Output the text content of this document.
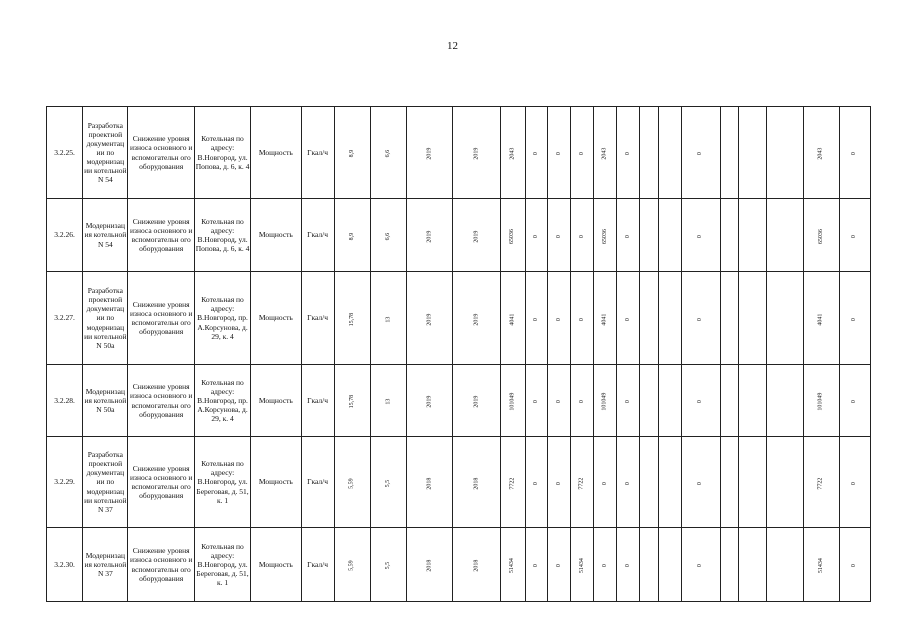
12
3.2.25.	Разработка проектной документац ии по модернизац ии котельной N 54	Снижение уровня износа основного и вспомогательн ого оборудования	Котельная по адресу: В.Новгород, ул. Попова, д. 6, к. 4	Мощность	Гкал/ч	8,9	6,6	2019	2019	2043	0	0	0	2043	0			0				2043	0
3.2.26.	Модернизац ия котельной N 54	Снижение уровня износа основного и вспомогательн ого оборудования	Котельная по адресу: В.Новгород, ул. Попова, д. 6, к. 4	Мощность	Гкал/ч	8,9	6,6	2019	2019	65036	0	0	0	65036	0			0				65036	0
3.2.27.	Разработка проектной документац ии по модернизац ии котельной N 50а	Снижение уровня износа основного и вспомогательн ого оборудования	Котельная по адресу: В.Новгород, пр. А.Корсунова, д. 29, к. 4	Мощность	Гкал/ч	15,78	13	2019	2019	4041	0	0	0	4041	0			0				4041	0
3.2.28.	Модернизац ия котельной N 50а	Снижение уровня износа основного и вспомогательн ого оборудования	Котельная по адресу: В.Новгород, пр. А.Корсунова, д. 29, к. 4	Мощность	Гкал/ч	15,78	13	2019	2019	101049	0	0	0	101049	0			0				101049	0
3.2.29.	Разработка проектной документац ии по модернизац ии котельной N 37	Снижение уровня износа основного и вспомогательн ого оборудования	Котельная по адресу: В.Новгород, ул. Береговая, д. 51, к. 1	Мощность	Гкал/ч	5,59	5,5	2018	2018	7722	0	0	7722	0	0			0				7722	0
3.2.30.	Модернизац ия котельной N 37	Снижение уровня износа основного и вспомогательн ого оборудования	Котельная по адресу: В.Новгород, ул. Береговая, д. 51, к. 1	Мощность	Гкал/ч	5,59	5,5	2018	2018	51434	0	0	51434	0	0			0				51434	0
